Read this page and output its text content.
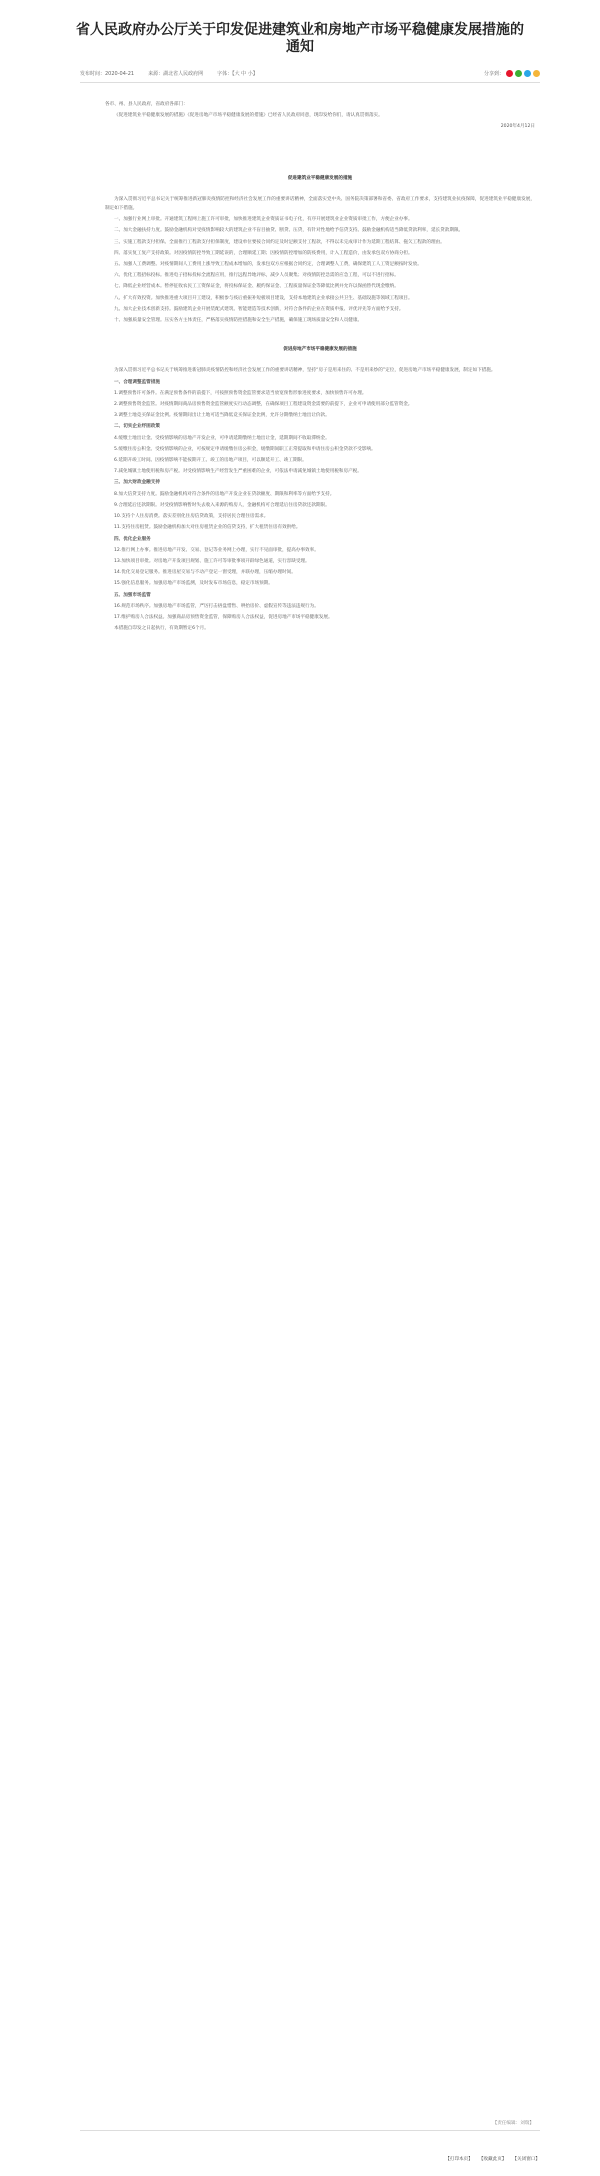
省人民政府办公厅关于印发促进建筑业和房地产市场平稳健康发展措施的通知
发布时间：2020-04-21	来源：湖北省人民政府网	字体：【大 中 小】	分享到：

各市、州、县人民政府，省政府各部门：

《促进建筑业平稳健康发展的措施》《促进房地产市场平稳健康发展的措施》已经省人民政府同意，现印发给你们，请认真贯彻落实。

2020年4月12日

促进建筑业平稳健康发展的措施

为深入贯彻习近平总书记关于统筹推进新冠肺炎疫情防控和经济社会发展工作的重要讲话精神，全面落实党中央、国务院决策部署和省委、省政府工作要求，支持建筑业抗疫保障，促进建筑业平稳健康发展，制定如下措施。

一、加强行业网上审批。开通建筑工程网上施工许可审批，加快推进建筑企业资质证书电子化，有序开展建筑业企业资质审批工作，方便企业办事。

二、加大金融扶持力度。鼓励金融机构对受疫情影响较大的建筑企业不盲目抽贷、断贷、压贷，有针对性地给予信贷支持。鼓励金融机构适当降低贷款利率，延长贷款期限。

三、实施工程款支付担保。全面推行工程款支付担保制度，建设单位要按合同约定及时足额支付工程款，不得以未完成审计作为延期工程结算、拖欠工程款的理由。

四、落实复工复产支持政策。对因疫情防控导致工期延误的，合理顺延工期；因疫情防控增加的防疫费用，计入工程造价，由发承包双方协商分担。

五、加强人工费调整。对疫情期间人工费用上涨导致工程成本增加的，发承包双方应根据合同约定，合理调整人工费，确保建筑工人工资足额按时发放。

六、优化工程招标投标。推进电子招标投标全流程应用，推行远程异地评标，减少人员聚集；对疫情防控急需的应急工程，可以不进行招标。

七、降低企业经营成本。暂停征收农民工工资保证金，将投标保证金、履约保证金、工程质量保证金等降低比例并允许以保函替代现金缴纳。

八、扩大有效投资。加快推进重大项目开工建设，积极参与疫后重振补短板项目建设，支持本地建筑企业承接公共卫生、基础设施等领域工程项目。

九、加大企业技术创新支持。鼓励建筑企业开展装配式建筑、智能建造等技术创新，对符合条件的企业在资质申报、评优评先等方面给予支持。

十、加强质量安全管理。压实各方主体责任，严格落实疫情防控措施和安全生产措施，确保施工现场质量安全和人员健康。

促进房地产市场平稳健康发展的措施

为深入贯彻习近平总书记关于统筹推进新冠肺炎疫情防控和经济社会发展工作的重要讲话精神，坚持“房子是用来住的、不是用来炒的”定位，促进房地产市场平稳健康发展，制定如下措施。

一、合理调整监管措施

1.调整预售许可条件。在满足预售条件的前提下，可按照预售资金监管要求适当放宽预售形象进度要求，加快预售许可办理。

2.调整预售资金监管。对疫情期间商品房预售资金监管额度实行动态调整，在确保项目工程建设资金需要的前提下，企业可申请使用部分监管资金。

3.调整土地竞买保证金比例。疫情期间出让土地可适当降低竞买保证金比例，允许分期缴纳土地出让价款。

二、切实企业纾困政策

4.缓缴土地出让金。受疫情影响的房地产开发企业，可申请延期缴纳土地出让金，延期期间不收取滞纳金。

5.缓缴住房公积金。受疫情影响的企业，可按规定申请缓缴住房公积金，缓缴期间职工正常提取和申请住房公积金贷款不受影响。

6.延期开竣工时间。因疫情影响不能按期开工、竣工的房地产项目，可以顺延开工、竣工期限。

7.减免城镇土地使用税和房产税。对受疫情影响生产经营发生严重困难的企业，可依法申请减免城镇土地使用税和房产税。

三、加大财政金融支持

8.加大信贷支持力度。鼓励金融机构对符合条件的房地产开发企业在贷款额度、期限和利率等方面给予支持。

9.合理延后还款期限。对受疫情影响暂时失去收入来源的购房人，金融机构可合理延后住房贷款还款期限。

10.支持个人住房消费。落实差别化住房信贷政策，支持居民合理住房需求。

11.支持住房租赁。鼓励金融机构加大对住房租赁企业的信贷支持，扩大租赁住房有效供给。

四、优化企业服务

12.推行网上办事。推进房地产开发、交易、登记等业务网上办理，实行不见面审批，提高办事效率。

13.加快项目审批。对房地产开发项目规划、施工许可等审批事项开辟绿色通道，实行容缺受理。

14.优化交易登记服务。推进房屋交易与不动产登记一窗受理，并联办理，压缩办理时间。

15.强化信息服务。加强房地产市场监测，及时发布市场信息，稳定市场预期。

五、加强市场监管

16.规范市场秩序。加强房地产市场监管，严厉打击捂盘惜售、哄抬房价、虚假宣传等违法违规行为。

17.维护购房人合法权益。加强商品房预售资金监管，保障购房人合法权益，促进房地产市场平稳健康发展。

本措施自印发之日起执行，有效期暂定6个月。

【责任编辑：刘瑞】
【打印本页】 【收藏此页】 【关闭窗口】
